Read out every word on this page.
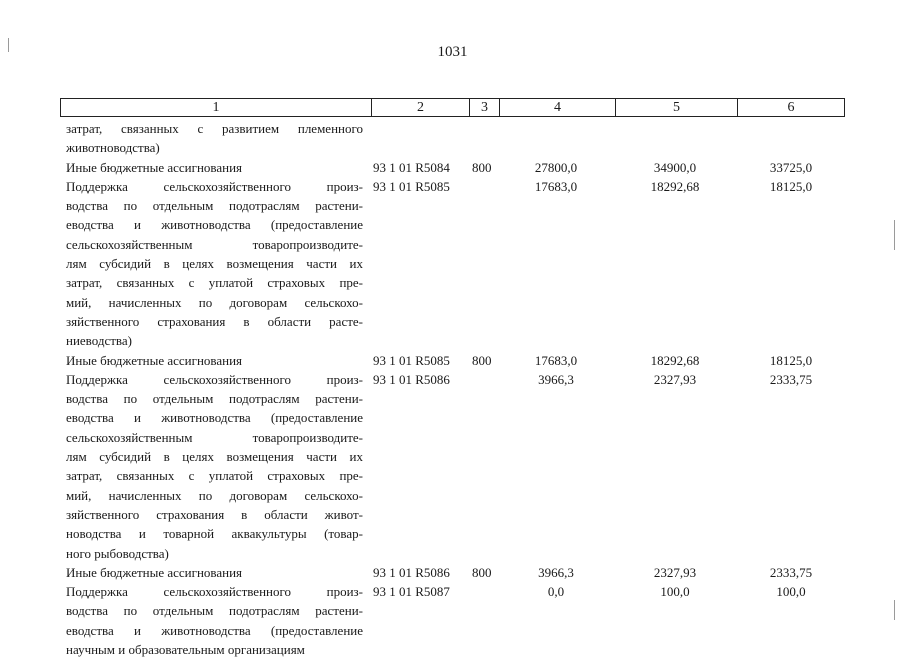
1031
1	2	3	4	5	6
затрат, связанных с развитием племенного
животноводства)
Иные бюджетные ассигнования	93 1 01 R5084 800	27800,0	34900,0	33725,0
Поддержка сельскохозяйственного произ-
водства по отдельным подотраслям растени-
еводства и животноводства (предоставление
сельскохозяйственным товаропроизводите-
лям субсидий в целях возмещения части их
затрат, связанных с уплатой страховых пре-
мий, начисленных по договорам сельскохо-
зяйственного страхования в области расте-
ниеводства)
93 1 01 R5085	17683,0	18292,68	18125,0
Иные бюджетные ассигнования	93 1 01 R5085 800	17683,0	18292,68	18125,0
Поддержка сельскохозяйственного произ-
водства по отдельным подотраслям растени-
еводства и животноводства (предоставление
сельскохозяйственным товаропроизводите-
лям субсидий в целях возмещения части их
затрат, связанных с уплатой страховых пре-
мий, начисленных по договорам сельскохо-
зяйственного страхования в области живот-
новодства и товарной аквакультуры (товар-
ного рыбоводства)
93 1 01 R5086	3966,3	2327,93	2333,75
Иные бюджетные ассигнования	93 1 01 R5086 800	3966,3	2327,93	2333,75
Поддержка сельскохозяйственного произ-
водства по отдельным подотраслям растени-
еводства и животноводства (предоставление
научным и образовательным организациям
93 1 01 R5087	0,0	100,0	100,0
